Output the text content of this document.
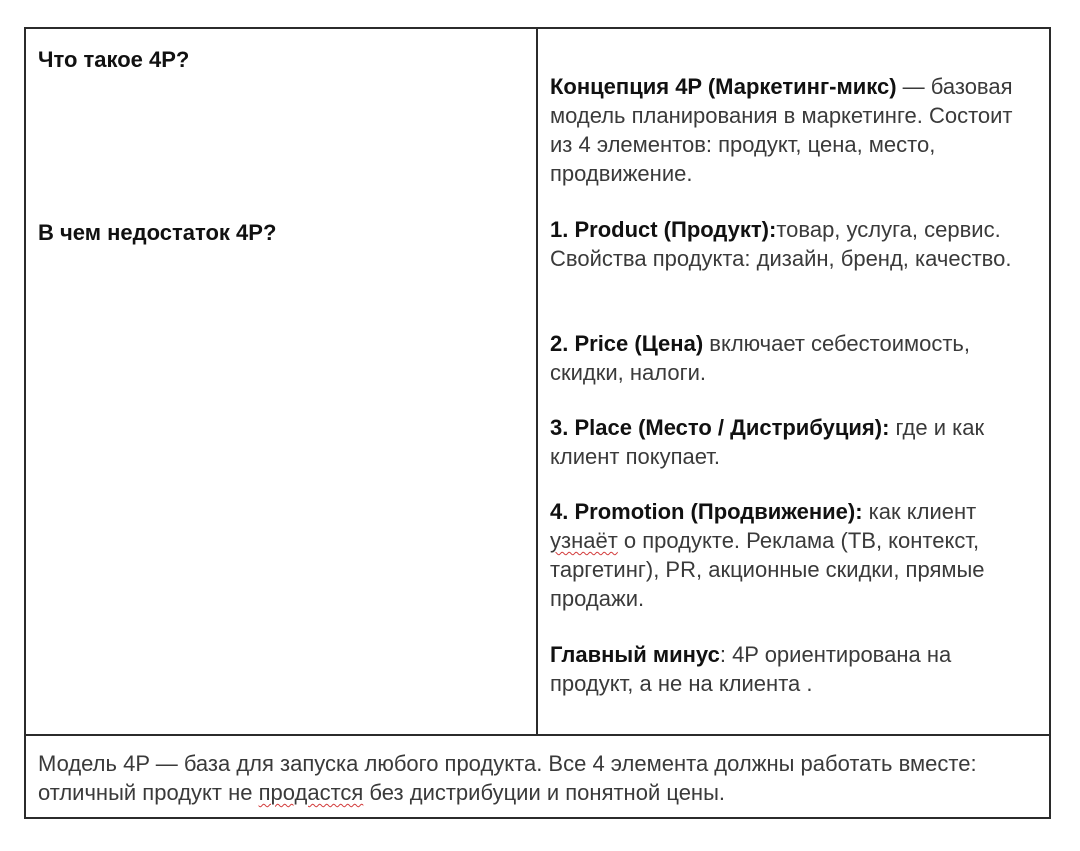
Что такое 4P?
В чем недостаток 4P?
Концепция 4P (Маркетинг-микс) — базовая модель планирования в маркетинге. Состоит из 4 элементов: продукт, цена, место, продвижение.
1. Product (Продукт):товар, услуга, сервис. Свойства продукта: дизайн, бренд, качество.
2. Price (Цена) включает себестоимость, скидки, налоги.
3. Place (Место / Дистрибуция): где и как клиент покупает.
4. Promotion (Продвижение): как клиент узнаёт о продукте. Реклама (ТВ, контекст, таргетинг), PR, акционные скидки, прямые продажи.
Главный минус: 4P ориентирована на продукт, а не на клиента .
Модель 4P — база для запуска любого продукта. Все 4 элемента должны работать вместе: отличный продукт не продастся без дистрибуции и понятной цены.
